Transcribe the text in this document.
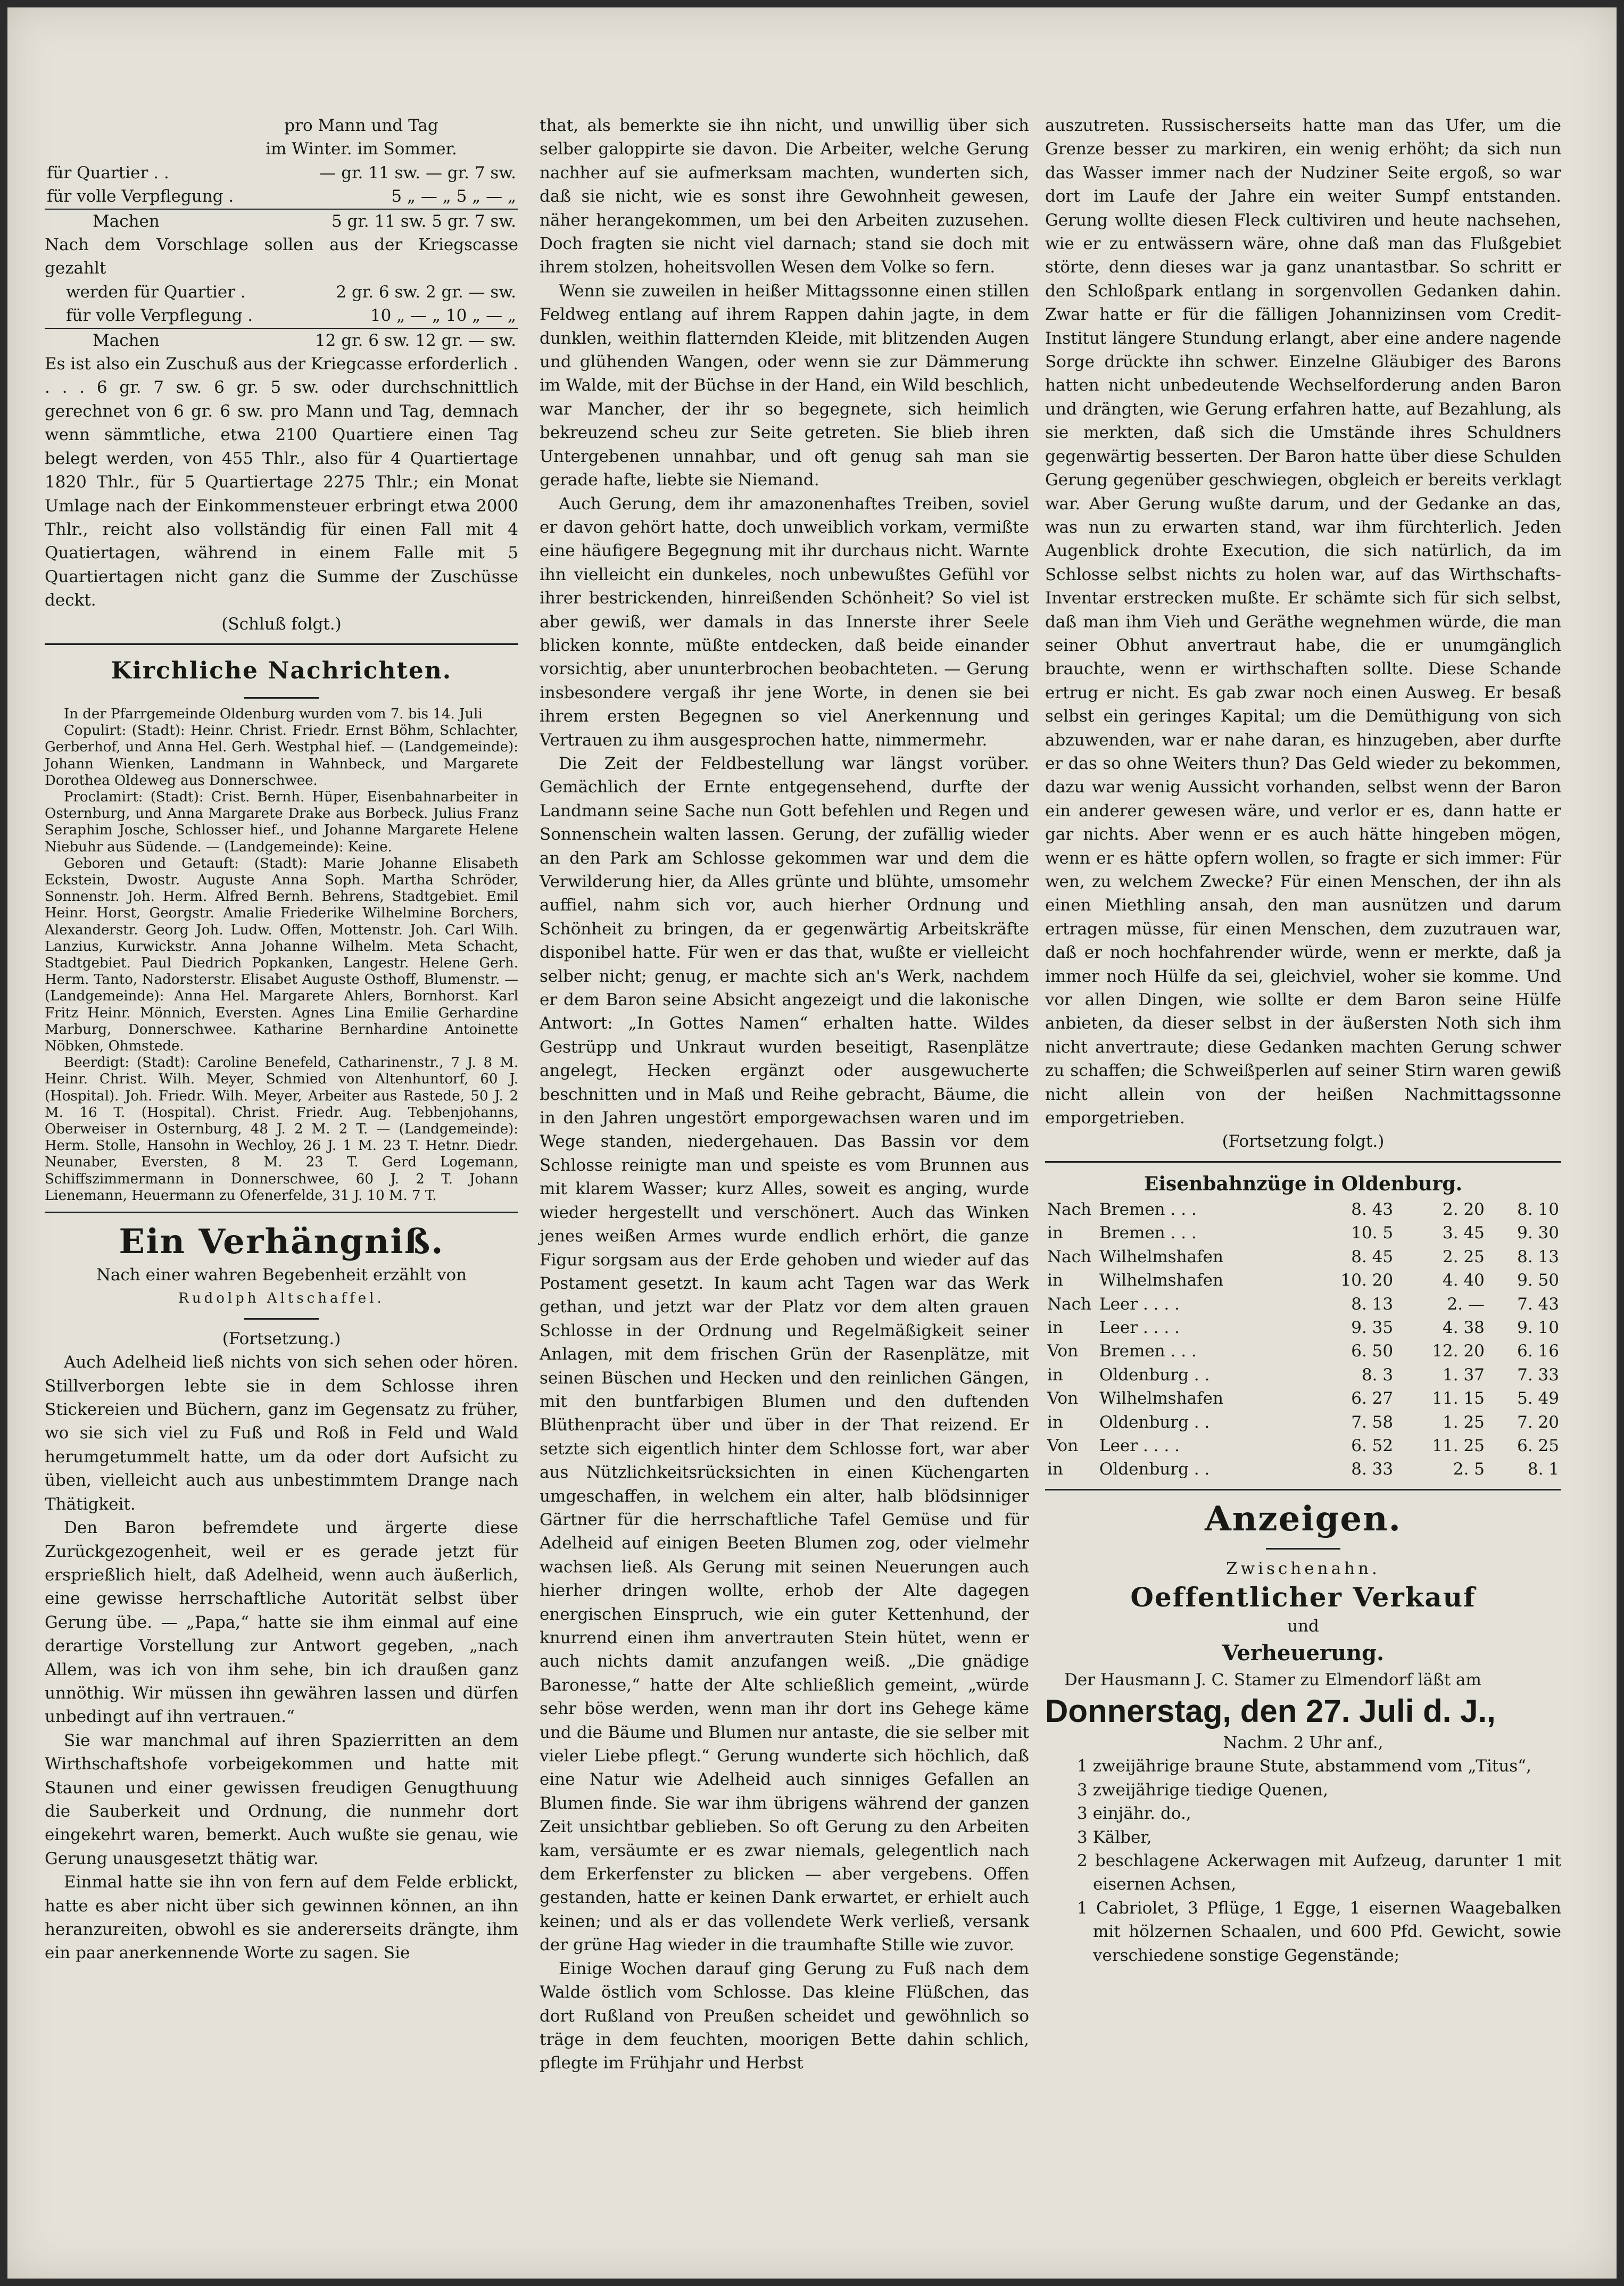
pro Mann und Tag

im Winter. im Sommer.

für Quartier . .	— gr. 11 sw. — gr. 7 sw.
für volle Verpflegung .	5 „ — „ 5 „ — „
Machen	5 gr. 11 sw. 5 gr. 7 sw.

Nach dem Vorschlage sollen aus der Kriegscasse gezahlt

werden für Quartier .	2 gr. 6 sw. 2 gr. — sw.
für volle Verpflegung .	10 „ — „ 10 „ — „
Machen	12 gr. 6 sw. 12 gr. — sw.

Es ist also ein Zuschuß aus der Kriegcasse erforderlich . . . . 6 gr. 7 sw. 6 gr. 5 sw. oder durchschnittlich gerechnet von 6 gr. 6 sw. pro Mann und Tag, demnach wenn sämmtliche, etwa 2100 Quartiere einen Tag belegt werden, von 455 Thlr., also für 4 Quartiertage 1820 Thlr., für 5 Quartiertage 2275 Thlr.; ein Monat Umlage nach der Einkommensteuer erbringt etwa 2000 Thlr., reicht also vollständig für einen Fall mit 4 Quatiertagen, während in einem Falle mit 5 Quartiertagen nicht ganz die Summe der Zuschüsse deckt.

(Schluß folgt.)

Kirchliche Nachrichten.

In der Pfarrgemeinde Oldenburg wurden vom 7. bis 14. Juli

Copulirt: (Stadt): Heinr. Christ. Friedr. Ernst Böhm, Schlachter, Gerberhof, und Anna Hel. Gerh. Westphal hief. — (Landgemeinde): Johann Wienken, Landmann in Wahnbeck, und Margarete Dorothea Oldeweg aus Donnerschwee.

Proclamirt: (Stadt): Crist. Bernh. Hüper, Eisenbahnarbeiter in Osternburg, und Anna Margarete Drake aus Borbeck. Julius Franz Seraphim Josche, Schlosser hief., und Johanne Margarete Helene Niebuhr aus Südende. — (Landgemeinde): Keine.

Geboren und Getauft: (Stadt): Marie Johanne Elisabeth Eckstein, Dwostr. Auguste Anna Soph. Martha Schröder, Sonnenstr. Joh. Herm. Alfred Bernh. Behrens, Stadtgebiet. Emil Heinr. Horst, Georgstr. Amalie Friederike Wilhelmine Borchers, Alexanderstr. Georg Joh. Ludw. Offen, Mottenstr. Joh. Carl Wilh. Lanzius, Kurwickstr. Anna Johanne Wilhelm. Meta Schacht, Stadtgebiet. Paul Diedrich Popkanken, Langestr. Helene Gerh. Herm. Tanto, Nadorsterstr. Elisabet Auguste Osthoff, Blumenstr. — (Landgemeinde): Anna Hel. Margarete Ahlers, Bornhorst. Karl Fritz Heinr. Mönnich, Eversten. Agnes Lina Emilie Gerhardine Marburg, Donnerschwee. Katharine Bernhardine Antoinette Nöbken, Ohmstede.

Beerdigt: (Stadt): Caroline Benefeld, Catharinenstr., 7 J. 8 M. Heinr. Christ. Wilh. Meyer, Schmied von Altenhuntorf, 60 J. (Hospital). Joh. Friedr. Wilh. Meyer, Arbeiter aus Rastede, 50 J. 2 M. 16 T. (Hospital). Christ. Friedr. Aug. Tebbenjohanns, Oberweiser in Osternburg, 48 J. 2 M. 2 T. — (Landgemeinde): Herm. Stolle, Hansohn in Wechloy, 26 J. 1 M. 23 T. Hetnr. Diedr. Neunaber, Eversten, 8 M. 23 T. Gerd Logemann, Schiffszimmermann in Donnerschwee, 60 J. 2 T. Johann Lienemann, Heuermann zu Ofenerfelde, 31 J. 10 M. 7 T.

Ein Verhängniß.

Nach einer wahren Begebenheit erzählt von

Rudolph Altschaffel.

(Fortsetzung.)

Auch Adelheid ließ nichts von sich sehen oder hören. Stillverborgen lebte sie in dem Schlosse ihren Stickereien und Büchern, ganz im Gegensatz zu früher, wo sie sich viel zu Fuß und Roß in Feld und Wald herumgetummelt hatte, um da oder dort Aufsicht zu üben, vielleicht auch aus unbestimmtem Drange nach Thätigkeit.

Den Baron befremdete und ärgerte diese Zurückgezogenheit, weil er es gerade jetzt für ersprießlich hielt, daß Adelheid, wenn auch äußerlich, eine gewisse herrschaftliche Autorität selbst über Gerung übe. — „Papa,“ hatte sie ihm einmal auf eine derartige Vorstellung zur Antwort gegeben, „nach Allem, was ich von ihm sehe, bin ich draußen ganz unnöthig. Wir müssen ihn gewähren lassen und dürfen unbedingt auf ihn vertrauen.“

Sie war manchmal auf ihren Spazierritten an dem Wirthschaftshofe vorbeigekommen und hatte mit Staunen und einer gewissen freudigen Genugthuung die Sauberkeit und Ordnung, die nunmehr dort eingekehrt waren, bemerkt. Auch wußte sie genau, wie Gerung unausgesetzt thätig war.

Einmal hatte sie ihn von fern auf dem Felde erblickt, hatte es aber nicht über sich gewinnen können, an ihn heranzureiten, obwohl es sie andererseits drängte, ihm ein paar anerkennende Worte zu sagen. Sie

that, als bemerkte sie ihn nicht, und unwillig über sich selber galoppirte sie davon. Die Arbeiter, welche Gerung nachher auf sie aufmerksam machten, wunderten sich, daß sie nicht, wie es sonst ihre Gewohnheit gewesen, näher herangekommen, um bei den Arbeiten zuzusehen. Doch fragten sie nicht viel darnach; stand sie doch mit ihrem stolzen, hoheitsvollen Wesen dem Volke so fern.

Wenn sie zuweilen in heißer Mittagssonne einen stillen Feldweg entlang auf ihrem Rappen dahin jagte, in dem dunklen, weithin flatternden Kleide, mit blitzenden Augen und glühenden Wangen, oder wenn sie zur Dämmerung im Walde, mit der Büchse in der Hand, ein Wild beschlich, war Mancher, der ihr so begegnete, sich heimlich bekreuzend scheu zur Seite getreten. Sie blieb ihren Untergebenen unnahbar, und oft genug sah man sie gerade hafte, liebte sie Niemand.

Auch Gerung, dem ihr amazonenhaftes Treiben, soviel er davon gehört hatte, doch unweiblich vorkam, vermißte eine häufigere Begegnung mit ihr durchaus nicht. Warnte ihn vielleicht ein dunkeles, noch unbewußtes Gefühl vor ihrer bestrickenden, hinreißenden Schönheit? So viel ist aber gewiß, wer damals in das Innerste ihrer Seele blicken konnte, müßte entdecken, daß beide einander vorsichtig, aber ununterbrochen beobachteten. — Gerung insbesondere vergaß ihr jene Worte, in denen sie bei ihrem ersten Begegnen so viel Anerkennung und Vertrauen zu ihm ausgesprochen hatte, nimmermehr.

Die Zeit der Feldbestellung war längst vorüber. Gemächlich der Ernte entgegensehend, durfte der Landmann seine Sache nun Gott befehlen und Regen und Sonnenschein walten lassen. Gerung, der zufällig wieder an den Park am Schlosse gekommen war und dem die Verwilderung hier, da Alles grünte und blühte, umsomehr auffiel, nahm sich vor, auch hierher Ordnung und Schönheit zu bringen, da er gegenwärtig Arbeitskräfte disponibel hatte. Für wen er das that, wußte er vielleicht selber nicht; genug, er machte sich an's Werk, nachdem er dem Baron seine Absicht angezeigt und die lakonische Antwort: „In Gottes Namen“ erhalten hatte. Wildes Gestrüpp und Unkraut wurden beseitigt, Rasenplätze angelegt, Hecken ergänzt oder ausgewucherte beschnitten und in Maß und Reihe gebracht, Bäume, die in den Jahren ungestört emporgewachsen waren und im Wege standen, niedergehauen. Das Bassin vor dem Schlosse reinigte man und speiste es vom Brunnen aus mit klarem Wasser; kurz Alles, soweit es anging, wurde wieder hergestellt und verschönert. Auch das Winken jenes weißen Armes wurde endlich erhört, die ganze Figur sorgsam aus der Erde gehoben und wieder auf das Postament gesetzt. In kaum acht Tagen war das Werk gethan, und jetzt war der Platz vor dem alten grauen Schlosse in der Ordnung und Regelmäßigkeit seiner Anlagen, mit dem frischen Grün der Rasenplätze, mit seinen Büschen und Hecken und den reinlichen Gängen, mit den buntfarbigen Blumen und den duftenden Blüthenpracht über und über in der That reizend. Er setzte sich eigentlich hinter dem Schlosse fort, war aber aus Nützlichkeitsrücksichten in einen Küchengarten umgeschaffen, in welchem ein alter, halb blödsinniger Gärtner für die herrschaftliche Tafel Gemüse und für Adelheid auf einigen Beeten Blumen zog, oder vielmehr wachsen ließ. Als Gerung mit seinen Neuerungen auch hierher dringen wollte, erhob der Alte dagegen energischen Einspruch, wie ein guter Kettenhund, der knurrend einen ihm anvertrauten Stein hütet, wenn er auch nichts damit anzufangen weiß. „Die gnädige Baronesse,“ hatte der Alte schließlich gemeint, „würde sehr böse werden, wenn man ihr dort ins Gehege käme und die Bäume und Blumen nur antaste, die sie selber mit vieler Liebe pflegt.“ Gerung wunderte sich höchlich, daß eine Natur wie Adelheid auch sinniges Gefallen an Blumen finde. Sie war ihm übrigens während der ganzen Zeit unsichtbar geblieben. So oft Gerung zu den Arbeiten kam, versäumte er es zwar niemals, gelegentlich nach dem Erkerfenster zu blicken — aber vergebens. Offen gestanden, hatte er keinen Dank erwartet, er erhielt auch keinen; und als er das vollendete Werk verließ, versank der grüne Hag wieder in die traumhafte Stille wie zuvor.

Einige Wochen darauf ging Gerung zu Fuß nach dem Walde östlich vom Schlosse. Das kleine Flüßchen, das dort Rußland von Preußen scheidet und gewöhnlich so träge in dem feuchten, moorigen Bette dahin schlich, pflegte im Frühjahr und Herbst

auszutreten. Russischerseits hatte man das Ufer, um die Grenze besser zu markiren, ein wenig erhöht; da sich nun das Wasser immer nach der Nudziner Seite ergoß, so war dort im Laufe der Jahre ein weiter Sumpf entstanden. Gerung wollte diesen Fleck cultiviren und heute nachsehen, wie er zu entwässern wäre, ohne daß man das Flußgebiet störte, denn dieses war ja ganz unantastbar. So schritt er den Schloßpark entlang in sorgenvollen Gedanken dahin. Zwar hatte er für die fälligen Johannizinsen vom Credit-Institut längere Stundung erlangt, aber eine andere nagende Sorge drückte ihn schwer. Einzelne Gläubiger des Barons hatten nicht unbedeutende Wechselforderung anden Baron und drängten, wie Gerung erfahren hatte, auf Bezahlung, als sie merkten, daß sich die Umstände ihres Schuldners gegenwärtig besserten. Der Baron hatte über diese Schulden Gerung gegenüber geschwiegen, obgleich er bereits verklagt war. Aber Gerung wußte darum, und der Gedanke an das, was nun zu erwarten stand, war ihm fürchterlich. Jeden Augenblick drohte Execution, die sich natürlich, da im Schlosse selbst nichts zu holen war, auf das Wirthschafts-Inventar erstrecken mußte. Er schämte sich für sich selbst, daß man ihm Vieh und Geräthe wegnehmen würde, die man seiner Obhut anvertraut habe, die er unumgänglich brauchte, wenn er wirthschaften sollte. Diese Schande ertrug er nicht. Es gab zwar noch einen Ausweg. Er besaß selbst ein geringes Kapital; um die Demüthigung von sich abzuwenden, war er nahe daran, es hinzugeben, aber durfte er das so ohne Weiters thun? Das Geld wieder zu bekommen, dazu war wenig Aussicht vorhanden, selbst wenn der Baron ein anderer gewesen wäre, und verlor er es, dann hatte er gar nichts. Aber wenn er es auch hätte hingeben mögen, wenn er es hätte opfern wollen, so fragte er sich immer: Für wen, zu welchem Zwecke? Für einen Menschen, der ihn als einen Miethling ansah, den man ausnützen und darum ertragen müsse, für einen Menschen, dem zuzutrauen war, daß er noch hochfahrender würde, wenn er merkte, daß ja immer noch Hülfe da sei, gleichviel, woher sie komme. Und vor allen Dingen, wie sollte er dem Baron seine Hülfe anbieten, da dieser selbst in der äußersten Noth sich ihm nicht anvertraute; diese Gedanken machten Gerung schwer zu schaffen; die Schweißperlen auf seiner Stirn waren gewiß nicht allein von der heißen Nachmittagssonne emporgetrieben.

(Fortsetzung folgt.)

Eisenbahnzüge in Oldenburg.

Nach	Bremen . . .	8. 43	2. 20	8. 10
in	Bremen . . .	10. 5	3. 45	9. 30
Nach	Wilhelmshafen	8. 45	2. 25	8. 13
in	Wilhelmshafen	10. 20	4. 40	9. 50
Nach	Leer . . . .	8. 13	2. —	7. 43
in	Leer . . . .	9. 35	4. 38	9. 10
Von	Bremen . . .	6. 50	12. 20	6. 16
in	Oldenburg . .	8. 3	1. 37	7. 33
Von	Wilhelmshafen	6. 27	11. 15	5. 49
in	Oldenburg . .	7. 58	1. 25	7. 20
Von	Leer . . . .	6. 52	11. 25	6. 25
in	Oldenburg . .	8. 33	2. 5	8. 1

Anzeigen.

Zwischenahn.

Oeffentlicher Verkauf

und

Verheuerung.

Der Hausmann J. C. Stamer zu Elmendorf läßt am

Donnerstag, den 27. Juli d. J.,

Nachm. 2 Uhr anf.,

1 zweijährige braune Stute, abstammend vom „Titus“,

3 zweijährige tiedige Quenen,

3 einjähr. do.,

3 Kälber,

2 beschlagene Ackerwagen mit Aufzeug, darunter 1 mit eisernen Achsen,

1 Cabriolet, 3 Pflüge, 1 Egge, 1 eisernen Waagebalken mit hölzernen Schaalen, und 600 Pfd. Gewicht, sowie verschiedene sonstige Gegenstände;
